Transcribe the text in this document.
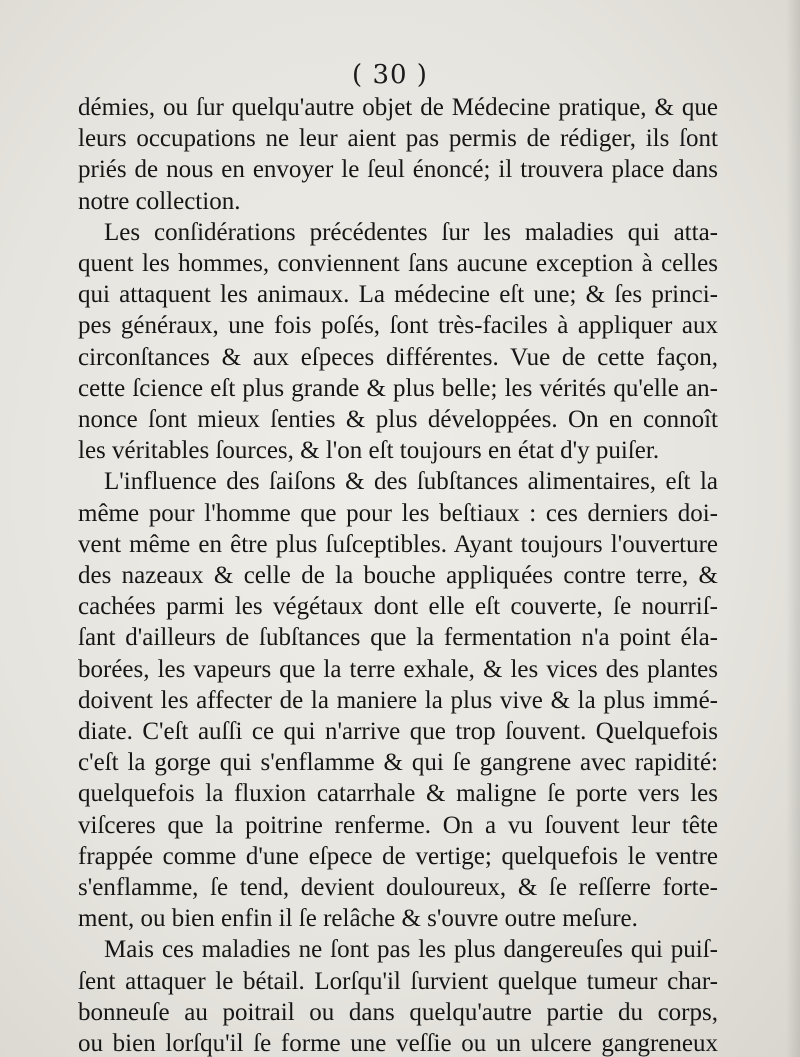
( 30 )
démies, ou ſur quelqu'autre objet de Médecine pratique, & que
leurs occupations ne leur aient pas permis de rédiger, ils ſont
priés de nous en envoyer le ſeul énoncé; il trouvera place dans
notre collection.
Les conſidérations précédentes ſur les maladies qui atta-
quent les hommes, conviennent ſans aucune exception à celles
qui attaquent les animaux. La médecine eſt une; & ſes princi-
pes généraux, une fois poſés, ſont très-faciles à appliquer aux
circonſtances & aux eſpeces différentes. Vue de cette façon,
cette ſcience eſt plus grande & plus belle; les vérités qu'elle an-
nonce ſont mieux ſenties & plus développées. On en connoît
les véritables ſources, & l'on eſt toujours en état d'y puiſer.
L'influence des ſaiſons & des ſubſtances alimentaires, eſt la
même pour l'homme que pour les beſtiaux : ces derniers doi-
vent même en être plus ſuſceptibles. Ayant toujours l'ouverture
des nazeaux & celle de la bouche appliquées contre terre, &
cachées parmi les végétaux dont elle eſt couverte, ſe nourriſ-
ſant d'ailleurs de ſubſtances que la fermentation n'a point éla-
borées, les vapeurs que la terre exhale, & les vices des plantes
doivent les affecter de la maniere la plus vive & la plus immé-
diate. C'eſt auſſi ce qui n'arrive que trop ſouvent. Quelquefois
c'eſt la gorge qui s'enflamme & qui ſe gangrene avec rapidité:
quelquefois la fluxion catarrhale & maligne ſe porte vers les
viſceres que la poitrine renferme. On a vu ſouvent leur tête
frappée comme d'une eſpece de vertige; quelquefois le ventre
s'enflamme, ſe tend, devient douloureux, & ſe reſſerre forte-
ment, ou bien enfin il ſe relâche & s'ouvre outre meſure.
Mais ces maladies ne ſont pas les plus dangereuſes qui puiſ-
ſent attaquer le bétail. Lorſqu'il ſurvient quelque tumeur char-
bonneuſe au poitrail ou dans quelqu'autre partie du corps,
ou bien lorſqu'il ſe forme une veſſie ou un ulcere gangreneux
